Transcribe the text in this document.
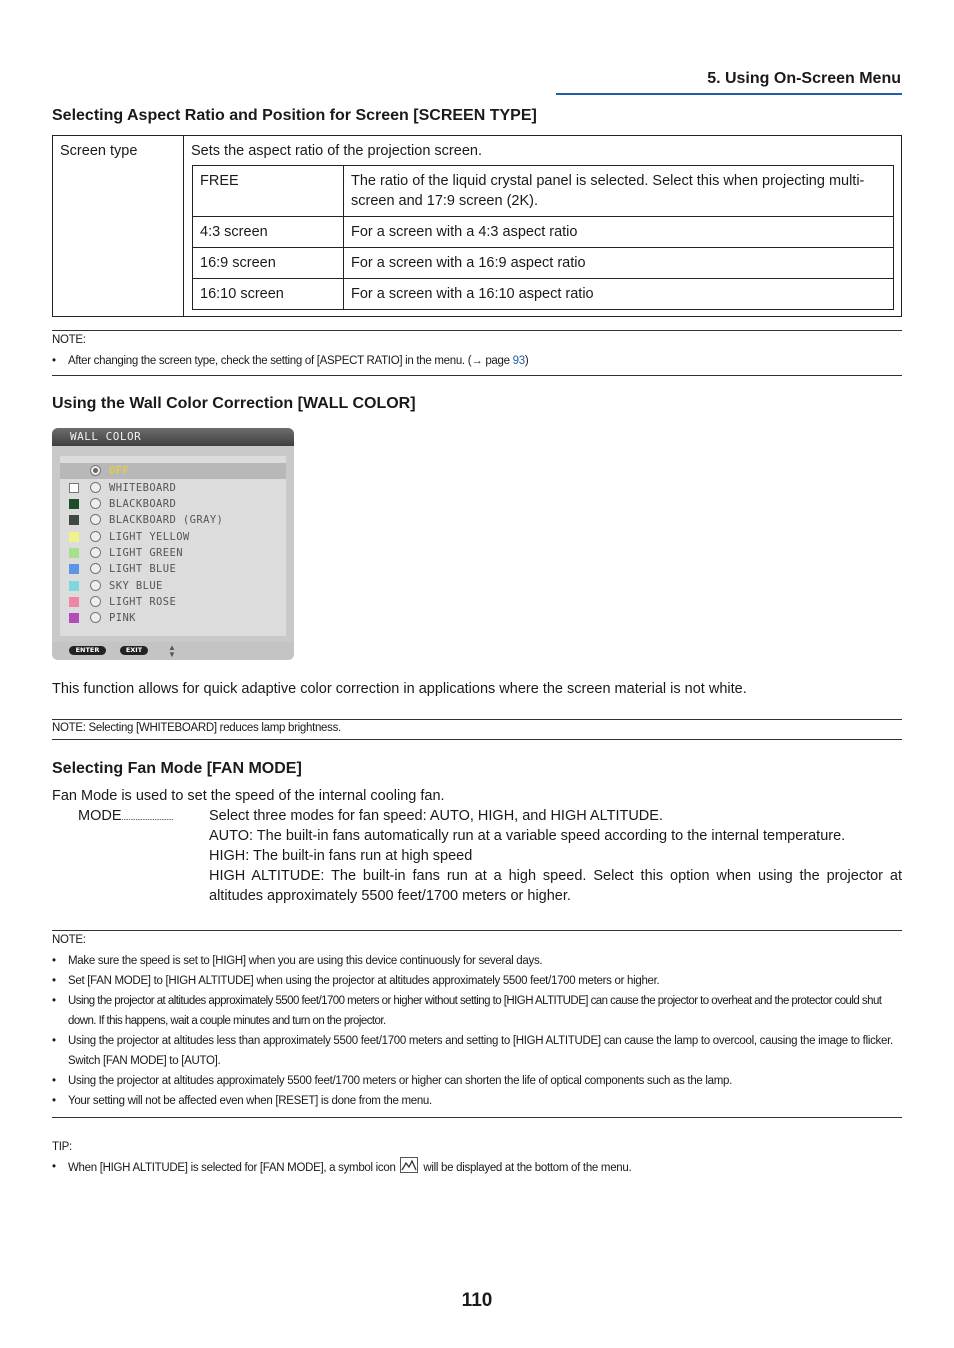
5. Using On-Screen Menu
Selecting Aspect Ratio and Position for Screen [SCREEN TYPE]
Screen type	Sets the aspect ratio of the projection screen.
FREE	The ratio of the liquid crystal panel is selected. Select this when projecting multi-screen and 17:9 screen (2K).
4:3 screen	For a screen with a 4:3 aspect ratio
16:9 screen	For a screen with a 16:9 aspect ratio
16:10 screen	For a screen with a 16:10 aspect ratio
NOTE:
• After changing the screen type, check the setting of [ASPECT RATIO] in the menu. (→ page 93)
Using the Wall Color Correction [WALL COLOR]
WALL COLOR
OFF
WHITEBOARD
BLACKBOARD
BLACKBOARD (GRAY)
LIGHT YELLOW
LIGHT GREEN
LIGHT BLUE
SKY BLUE
LIGHT ROSE
PINK
ENTER	EXIT	▲
▼
This function allows for quick adaptive color correction in applications where the screen material is not white.
NOTE: Selecting [WHITEBOARD] reduces lamp brightness.
Selecting Fan Mode [FAN MODE]
Fan Mode is used to set the speed of the internal cooling fan.
MODE.............................. Select three modes for fan speed: AUTO, HIGH, and HIGH ALTITUDE.
AUTO: The built-in fans automatically run at a variable speed according to the internal temperature.
HIGH: The built-in fans run at high speed
HIGH ALTITUDE: The built-in fans run at a high speed. Select this option when using the projector at altitudes approximately 5500 feet/1700 meters or higher.
NOTE:
• Make sure the speed is set to [HIGH] when you are using this device continuously for several days.
• Set [FAN MODE] to [HIGH ALTITUDE] when using the projector at altitudes approximately 5500 feet/1700 meters or higher.
• Using the projector at altitudes approximately 5500 feet/1700 meters or higher without setting to [HIGH ALTITUDE] can cause the projector to overheat and the protector could shut down. If this happens, wait a couple minutes and turn on the projector.
• Using the projector at altitudes less than approximately 5500 feet/1700 meters and setting to [HIGH ALTITUDE] can cause the lamp to overcool, causing the image to flicker. Switch [FAN MODE] to [AUTO].
• Using the projector at altitudes approximately 5500 feet/1700 meters or higher can shorten the life of optical components such as the lamp.
• Your setting will not be affected even when [RESET] is done from the menu.
TIP:
• When [HIGH ALTITUDE] is selected for [FAN MODE], a symbol icon will be displayed at the bottom of the menu.
110
